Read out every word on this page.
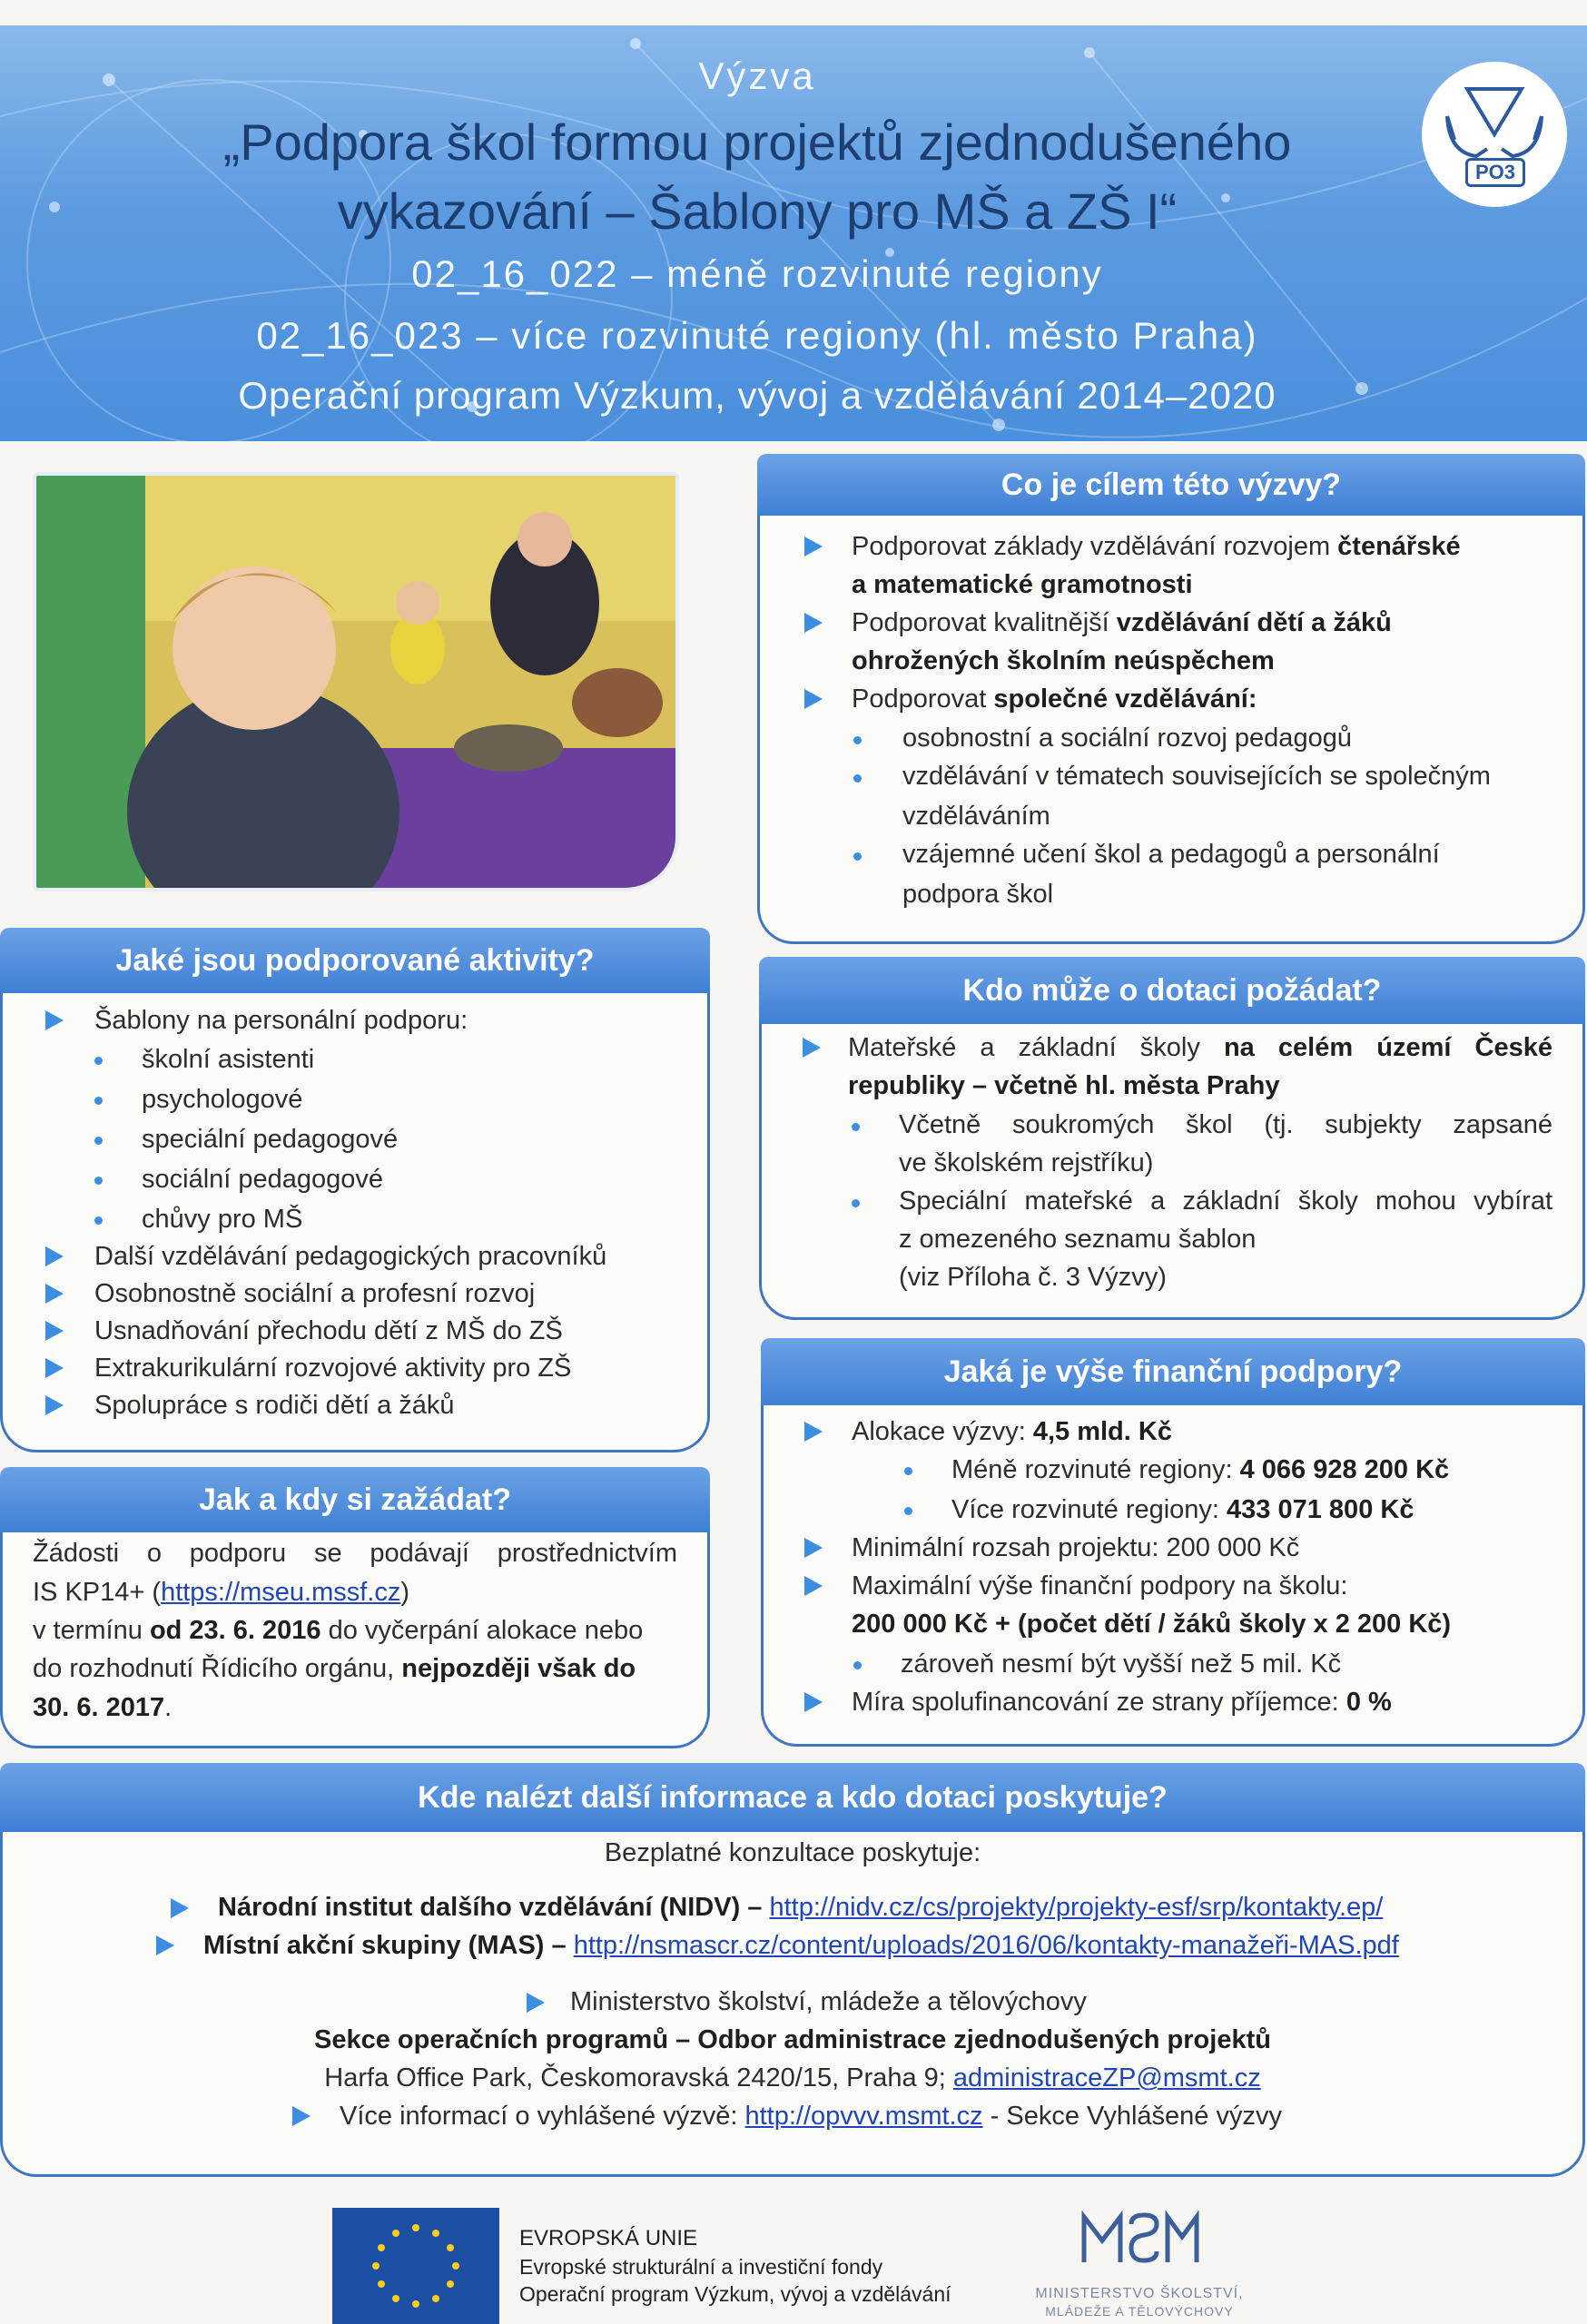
Výzva
„Podpora škol formou projektů zjednodušeného
vykazování – Šablony pro MŠ a ZŠ I“
02_16_022 – méně rozvinuté regiony
02_16_023 – více rozvinuté regiony (hl. město Praha)
Operační program Výzkum, vývoj a vzdělávání 2014–2020
PO3
Co je cílem této výzvy?
Podporovat základy vzdělávání rozvojem čtenářské
a matematické gramotnosti
Podporovat kvalitnější vzdělávání dětí a žáků
ohrožených školním neúspěchem
Podporovat společné vzdělávání:
osobnostní a sociální rozvoj pedagogů
vzdělávání v tématech souvisejících se společným
vzděláváním
vzájemné učení škol a pedagogů a personální
podpora škol
Jaké jsou podporované aktivity?
Šablony na personální podporu:
školní asistenti
psychologové
speciální pedagogové
sociální pedagogové
chůvy pro MŠ
Další vzdělávání pedagogických pracovníků
Osobnostně sociální a profesní rozvoj
Usnadňování přechodu dětí z MŠ do ZŠ
Extrakurikulární rozvojové aktivity pro ZŠ
Spolupráce s rodiči dětí a žáků
Kdo může o dotaci požádat?
Mateřské a základní školy na celém území České
republiky – včetně hl. města Prahy
Včetně soukromých škol (tj. subjekty zapsané
ve školském rejstříku)
Speciální mateřské a základní školy mohou vybírat
z omezeného seznamu šablon
(viz Příloha č. 3 Výzvy)
Jak a kdy si zažádat?
Žádosti o podporu se podávají prostřednictvím
IS KP14+ (https://mseu.mssf.cz)
v termínu od 23. 6. 2016 do vyčerpání alokace nebo
do rozhodnutí Řídicího orgánu, nejpozději však do
30. 6. 2017.
Jaká je výše finanční podpory?
Alokace výzvy: 4,5 mld. Kč
Méně rozvinuté regiony: 4 066 928 200 Kč
Více rozvinuté regiony: 433 071 800 Kč
Minimální rozsah projektu: 200 000 Kč
Maximální výše finanční podpory na školu:
200 000 Kč + (počet dětí / žáků školy x 2 200 Kč)
zároveň nesmí být vyšší než 5 mil. Kč
Míra spolufinancování ze strany příjemce: 0 %
Kde nalézt další informace a kdo dotaci poskytuje?
Bezplatné konzultace poskytuje:
Národní institut dalšího vzdělávání (NIDV) – http://nidv.cz/cs/projekty/projekty-esf/srp/kontakty.ep/
Místní akční skupiny (MAS) – http://nsmascr.cz/content/uploads/2016/06/kontakty-manažeři-MAS.pdf
Ministerstvo školství, mládeže a tělovýchovy
Sekce operačních programů – Odbor administrace zjednodušených projektů
Harfa Office Park, Českomoravská 2420/15, Praha 9; administraceZP@msmt.cz
Více informací o vyhlášené výzvě: http://opvvv.msmt.cz - Sekce Vyhlášené výzvy
EVROPSKÁ UNIE
Evropské strukturální a investiční fondy
Operační program Výzkum, vývoj a vzdělávání	MINISTERSTVO ŠKOLSTVÍ,
MLÁDEŽE A TĚLOVÝCHOVY
